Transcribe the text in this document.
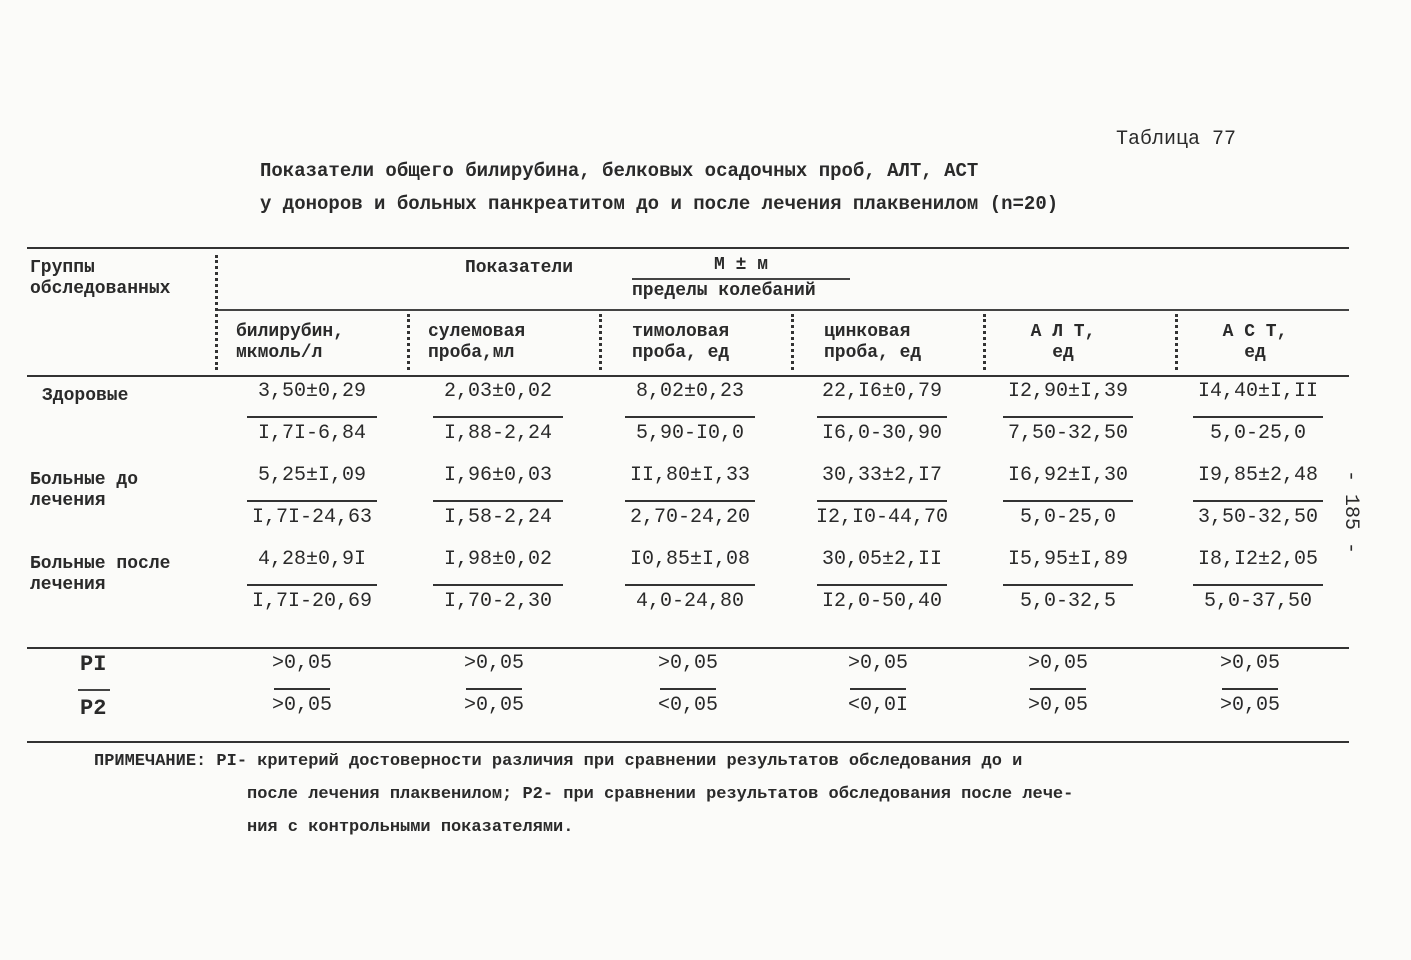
Таблица 77
Показатели общего билирубина, белковых осадочных проб, АЛТ, АСТ
у доноров и больных панкреатитом до и после лечения плаквенилом (n=20)
Группы
обследованных
Показатели	М ± м
пределы колебаний
билирубин,
мкмоль/л
сулемовая
проба,мл
тимоловая
проба, ед
цинковая
проба, ед
А Л Т,
ед
А С Т,
ед
Здоровые
Больные до
лечения
Больные после
лечения
3,50±0,29
I,7I-6,84
2,03±0,02
I,88-2,24
8,02±0,23
5,90-I0,0
22,I6±0,79
I6,0-30,90
I2,90±I,39
7,50-32,50
I4,40±I,II
5,0-25,0
5,25±I,09
I,7I-24,63
I,96±0,03
I,58-2,24
II,80±I,33
2,70-24,20
30,33±2,I7
I2,I0-44,70
I6,92±I,30
5,0-25,0
I9,85±2,48
3,50-32,50
4,28±0,9I
I,7I-20,69
I,98±0,02
I,70-2,30
I0,85±I,08
4,0-24,80
30,05±2,II
I2,0-50,40
I5,95±I,89
5,0-32,5
I8,I2±2,05
5,0-37,50
>0,05
>0,05
>0,05
>0,05
>0,05
<0,05
>0,05
<0,0I
>0,05
>0,05
>0,05
>0,05
PI
P2
ПРИМЕЧАНИЕ: PI- критерий достоверности различия при сравнении результатов обследования до и
после лечения плаквенилом; P2- при сравнении результатов обследования после лече-
ния с контрольными показателями.
- 185 -
